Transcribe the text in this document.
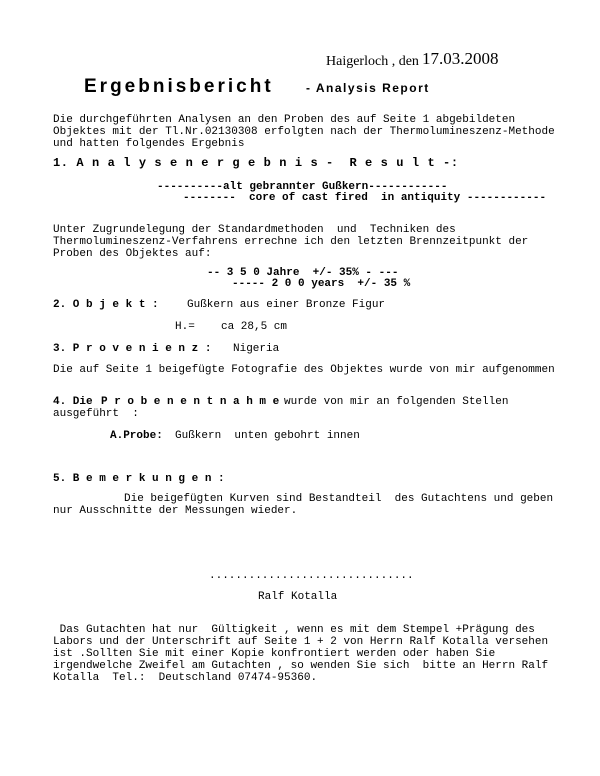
Haigerloch , den 17.03.2008
Ergebnisbericht	- Analysis Report
Die durchgeführten Analysen an den Proben des auf Seite 1 abgebildeten
Objektes mit der Tl.Nr.02130308 erfolgten nach der Thermolumineszenz-Methode
und hatten folgendes Ergebnis
1. A n a l y s e n e r g e b n i s -  R e s u l t -:
----------alt gebrannter Gußkern------------
--------  core of cast fired  in antiquity ------------
Unter Zugrundelegung der Standardmethoden  und  Techniken des
Thermolumineszenz-Verfahrens errechne ich den letzten Brennzeitpunkt der
Proben des Objektes auf:
-- 3 5 0 Jahre  +/- 35% - ---
----- 2 0 0 years  +/- 35 %
2. O b j e k t :	Gußkern aus einer Bronze Figur
H.= ca 28,5 cm
3. P r o v e n i e n z : Nigeria
Die auf Seite 1 beigefügte Fotografie des Objektes wurde von mir aufgenommen
4. Die P r o b e n e n t n a h m e wurde von mir an folgenden Stellen
ausgeführt  :
A.Probe: Gußkern  unten gebohrt innen
5. B e m e r k u n g e n :
Die beigefügten Kurven sind Bestandteil  des Gutachtens und geben
nur Ausschnitte der Messungen wieder.
...............................
Ralf Kotalla
Das Gutachten hat nur  Gültigkeit , wenn es mit dem Stempel +Prägung des
Labors und der Unterschrift auf Seite 1 + 2 von Herrn Ralf Kotalla versehen
ist .Sollten Sie mit einer Kopie konfrontiert werden oder haben Sie
irgendwelche Zweifel am Gutachten , so wenden Sie sich  bitte an Herrn Ralf
Kotalla  Tel.:  Deutschland 07474-95360.
